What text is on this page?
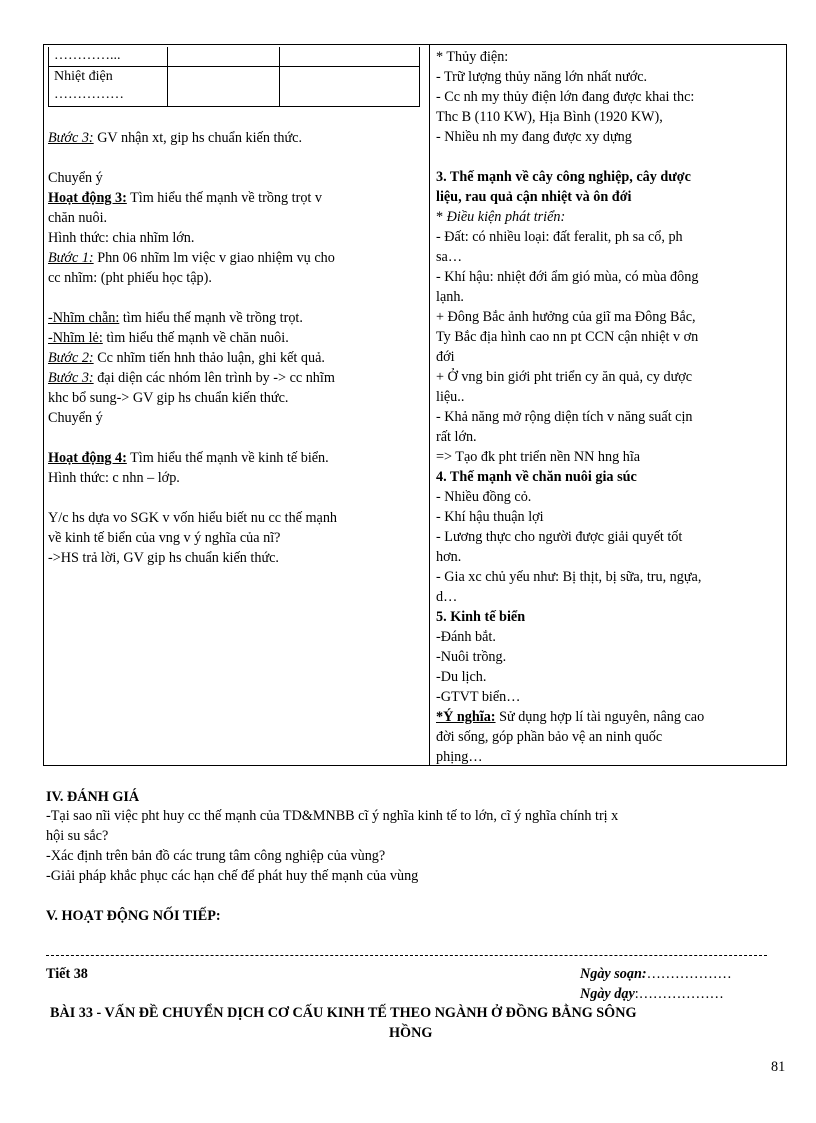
…………...
Nhiệt điện
……………
Bước 3: GV nhận xt, gip hs chuẩn kiến thức.
Chuyển ý
Hoạt động 3: Tìm hiểu thế mạnh về trồng trọt v
chăn nuôi.
Hình thức: chia nhĩm lớn.
Bước 1: Phn 06 nhĩm lm việc v giao nhiệm vụ cho
cc nhĩm: (pht phiếu học tập).
-Nhĩm chẵn: tìm hiểu thế mạnh về trồng trọt.
-Nhĩm lẻ: tìm hiểu thế mạnh về chăn nuôi.
Bước 2: Cc nhĩm tiến hnh thảo luận, ghi kết quả.
Bước 3: đại diện các nhóm lên trình by -> cc nhĩm
khc bổ sung-> GV gip hs chuẩn kiến thức.
Chuyển ý
Hoạt động 4: Tìm hiểu thế mạnh về kinh tế biển.
Hình thức: c nhn – lớp.
Y/c hs dựa vo SGK v vốn hiểu biết nu cc thế mạnh
về kinh tế biển của vng v ý nghĩa của nĩ?
->HS trả lời, GV gip hs chuẩn kiến thức.
* Thủy điện:
- Trữ lượng thủy năng lớn nhất nước.
- Cc nh my thủy điện lớn đang được khai thc:
Thc B (110 KW), Hịa Bình (1920 KW),
- Nhiều nh my đang được xy dựng
3. Thế mạnh về cây công nghiệp, cây dược
liệu, rau quả cận nhiệt và ôn đới
* Điều kiện phát triển:
- Đất: có nhiều loại: đất feralit, ph sa cổ, ph
sa…
- Khí hậu: nhiệt đới ẩm gió mùa, có mùa đông
lạnh.
+ Đông Bắc ảnh hưởng của giĩ ma Đông Bắc,
Ty Bắc địa hình cao nn pt CCN cận nhiệt v ơn
đới
+ Ở vng bin giới pht triển cy ăn quả, cy dược
liệu..
- Khả năng mở rộng diện tích v năng suất cịn
rất lớn.
=> Tạo đk pht triển nền NN hng hĩa
4. Thế mạnh về chăn nuôi gia súc
- Nhiều đồng cỏ.
- Khí hậu thuận lợi
- Lương thực cho người được giải quyết tốt
hơn.
- Gia xc chủ yếu như: Bị thịt, bị sữa, tru, ngựa,
d…
5. Kinh tế biển
-Đánh bắt.
-Nuôi trồng.
-Du lịch.
-GTVT biển…
*Ý nghĩa: Sử dụng hợp lí tài nguyên, nâng cao
đời sống, góp phần bảo vệ an ninh quốc
phịng…
IV. ĐÁNH GIÁ
-Tại sao nĩi việc pht huy cc thế mạnh của TD&MNBB cĩ ý nghĩa kinh tế to lớn, cĩ ý nghĩa chính trị x
hội su sắc?
-Xác định trên bản đồ các trung tâm công nghiệp của vùng?
-Giải pháp khắc phục các hạn chế để phát huy thế mạnh của vùng
V. HOẠT ĐỘNG NỐI TIẾP:
Tiết 38	Ngày soạn:………………
Ngày dạy:………………
BÀI 33 - VẤN ĐỀ CHUYỂN DỊCH CƠ CẤU KINH TẾ THEO NGÀNH Ở ĐỒNG BẰNG SÔNG
HỒNG
81
